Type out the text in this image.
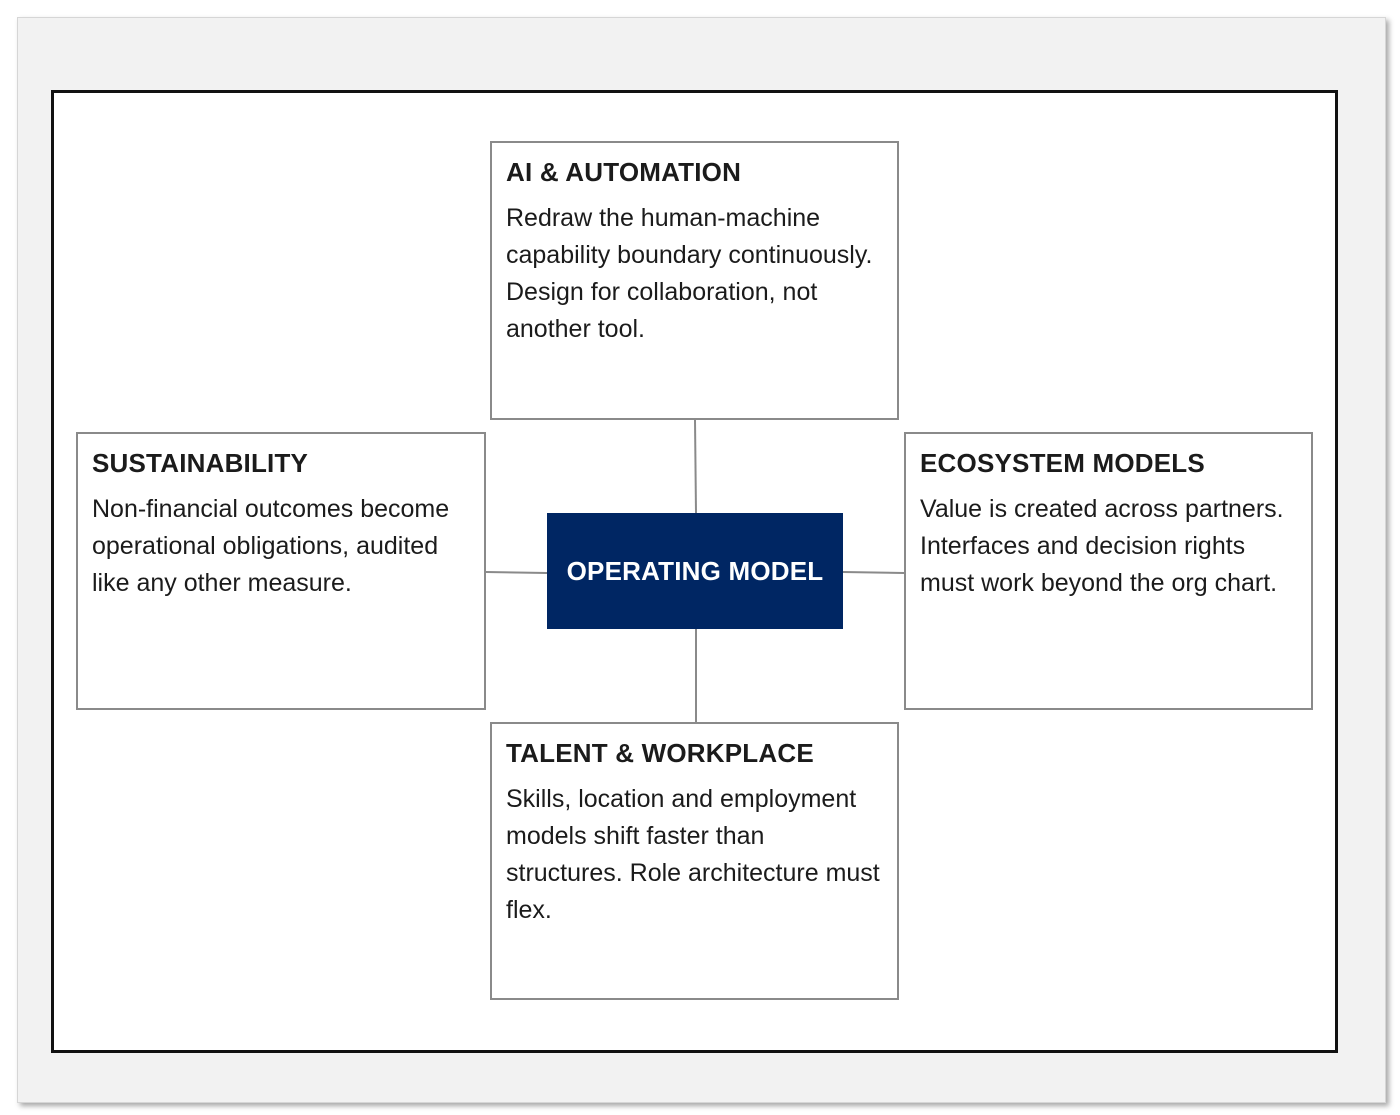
AI & AUTOMATION
Redraw the human-machine capability boundary continuously. Design for collaboration, not another tool.
SUSTAINABILITY
Non-financial outcomes become operational obligations, audited like any other measure.
ECOSYSTEM MODELS
Value is created across partners. Interfaces and decision rights must work beyond the org chart.
TALENT & WORKPLACE
Skills, location and employment models shift faster than structures. Role architecture must flex.
OPERATING MODEL
